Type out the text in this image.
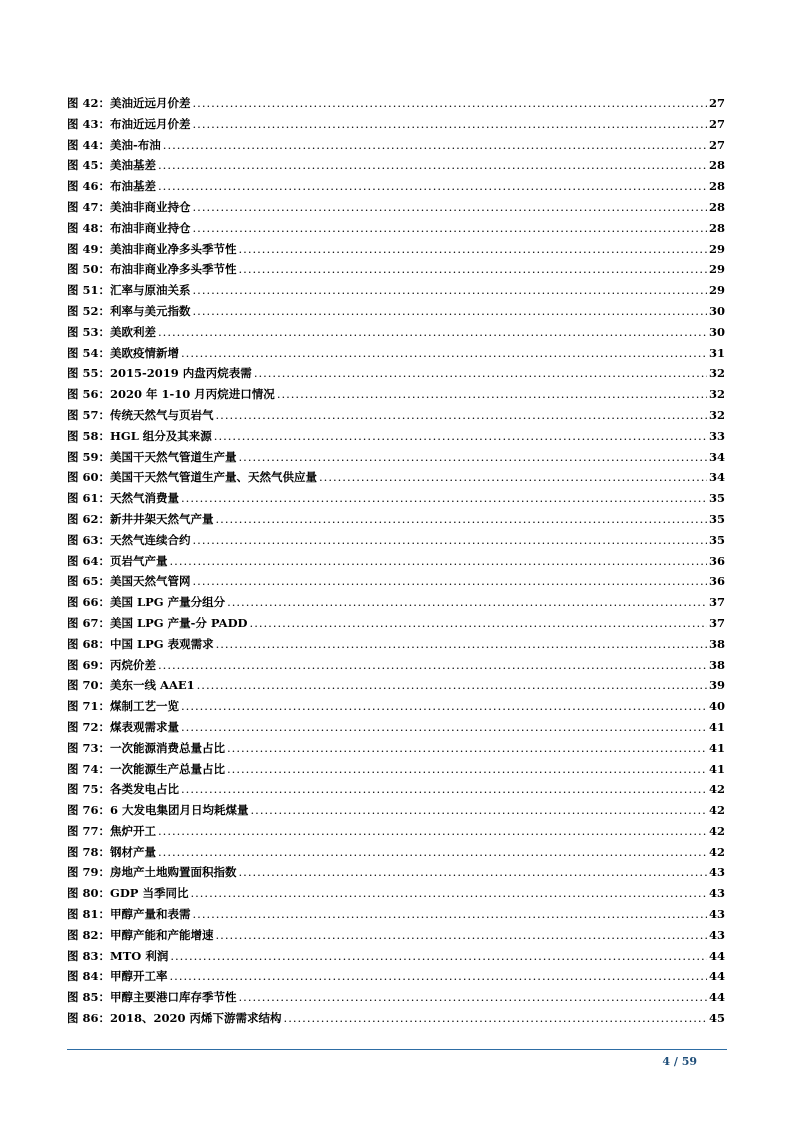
图 42： 美油近远月价差 .....	27
图 43： 布油近远月价差 .....	27
图 44： 美油-布油 .....	27
图 45： 美油基差 .....	28
图 46： 布油基差 .....	28
图 47： 美油非商业持仓 .....	28
图 48： 布油非商业持仓 .....	28
图 49： 美油非商业净多头季节性 .....	29
图 50： 布油非商业净多头季节性 .....	29
图 51： 汇率与原油关系 .....	29
图 52： 利率与美元指数 .....	30
图 53： 美欧利差 .....	30
图 54： 美欧疫情新增 .....	31
图 55： 2015-2019 内盘丙烷表需 .....	32
图 56： 2020 年 1-10 月丙烷进口情况 .....	32
图 57： 传统天然气与页岩气 .....	32
图 58： HGL 组分及其来源 .....	33
图 59： 美国干天然气管道生产量 .....	34
图 60： 美国干天然气管道生产量、天然气供应量 .....	34
图 61： 天然气消费量 .....	35
图 62： 新井井架天然气产量 .....	35
图 63： 天然气连续合约 .....	35
图 64： 页岩气产量 .....	36
图 65： 美国天然气管网 .....	36
图 66： 美国 LPG 产量分组分 .....	37
图 67： 美国 LPG 产量-分 PADD .....	37
图 68： 中国 LPG 表观需求 .....	38
图 69： 丙烷价差 .....	38
图 70： 美东一线 AAE1 .....	39
图 71： 煤制工艺一览 .....	40
图 72： 煤表观需求量 .....	41
图 73： 一次能源消费总量占比 .....	41
图 74： 一次能源生产总量占比 .....	41
图 75： 各类发电占比 .....	42
图 76： 6 大发电集团月日均耗煤量 .....	42
图 77： 焦炉开工 .....	42
图 78： 钢材产量 .....	42
图 79： 房地产土地购置面积指数 .....	43
图 80： GDP 当季同比 .....	43
图 81： 甲醇产量和表需 .....	43
图 82： 甲醇产能和产能增速 .....	43
图 83： MTO 利润 .....	44
图 84： 甲醇开工率 .....	44
图 85： 甲醇主要港口库存季节性 .....	44
图 86： 2018、2020 丙烯下游需求结构 .....	45
4 / 59
